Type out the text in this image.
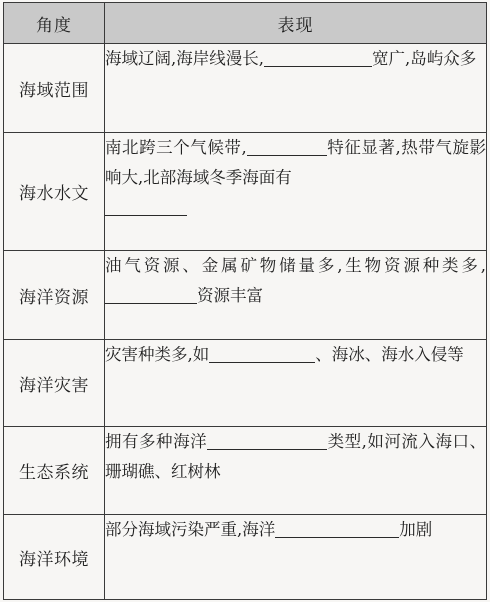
角度	表现
海域范围	海域辽阔,海岸线漫长, 宽广,岛屿众多
海水水文	南北跨三个气候带, 特征显著,热带气旋影响大,北部海域冬季海面有

海洋资源	油气资源、金属矿物储量多,生物资源种类多,资源丰富
海洋灾害	灾害种类多,如 、海冰、海水入侵等
生态系统	拥有多种海洋 类型,如河流入海口、珊瑚礁、红树林
海洋环境	部分海域污染严重,海洋 加剧
